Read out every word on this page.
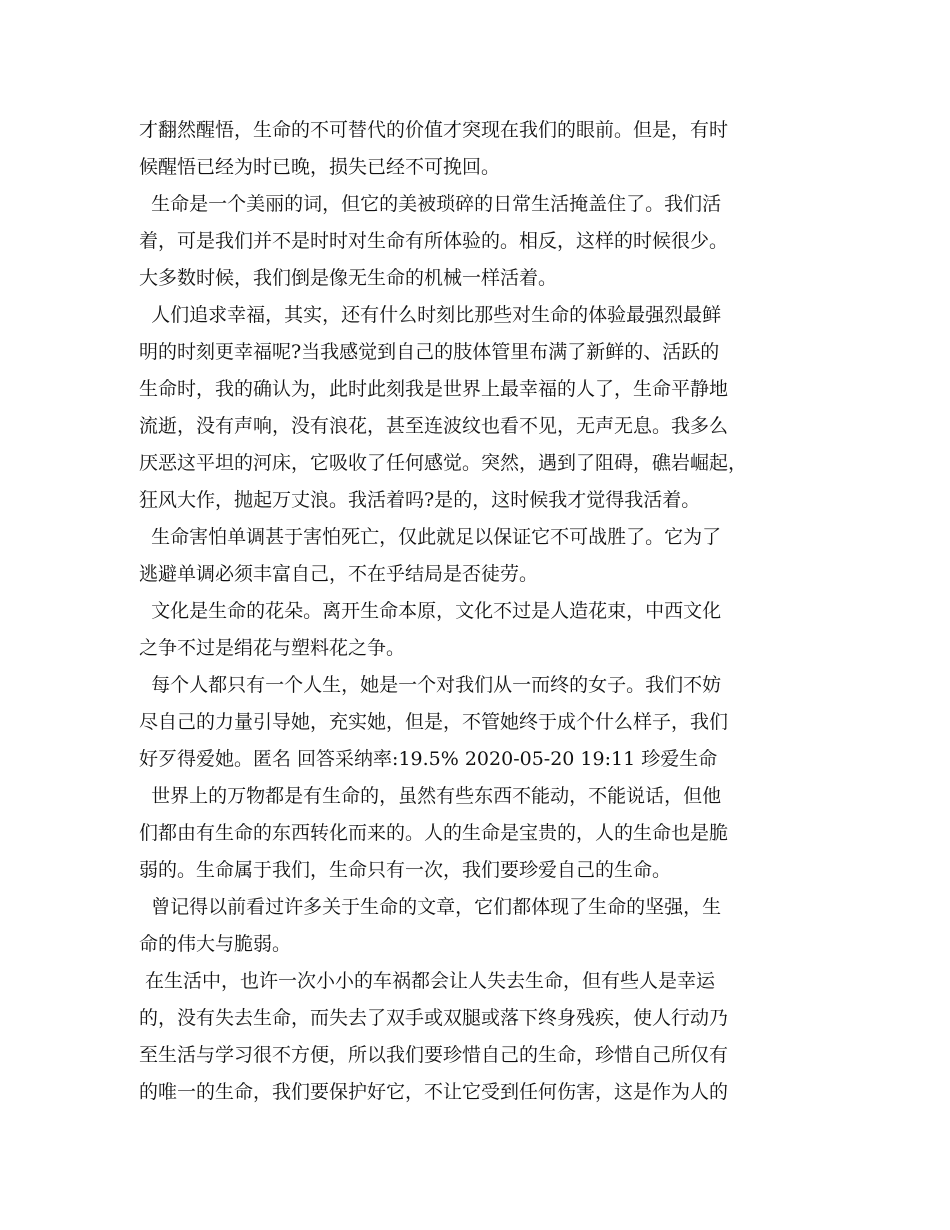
才翻然醒悟，生命的不可替代的价值才突现在我们的眼前。但是，有时
候醒悟已经为时已晚，损失已经不可挽回。
生命是一个美丽的词，但它的美被琐碎的日常生活掩盖住了。我们活
着，可是我们并不是时时对生命有所体验的。相反，这样的时候很少。
大多数时候，我们倒是像无生命的机械一样活着。
人们追求幸福，其实，还有什么时刻比那些对生命的体验最强烈最鲜
明的时刻更幸福呢?当我感觉到自己的肢体管里布满了新鲜的、活跃的
生命时，我的确认为，此时此刻我是世界上最幸福的人了，生命平静地
流逝，没有声响，没有浪花，甚至连波纹也看不见，无声无息。我多么
厌恶这平坦的河床，它吸收了任何感觉。突然，遇到了阻碍，礁岩崛起，
狂风大作，抛起万丈浪。我活着吗?是的，这时候我才觉得我活着。
生命害怕单调甚于害怕死亡，仅此就足以保证它不可战胜了。它为了
逃避单调必须丰富自己，不在乎结局是否徒劳。
文化是生命的花朵。离开生命本原，文化不过是人造花束，中西文化
之争不过是绢花与塑料花之争。
每个人都只有一个人生，她是一个对我们从一而终的女子。我们不妨
尽自己的力量引导她，充实她，但是，不管她终于成个什么样子，我们
好歹得爱她。匿名 回答采纳率:19.5% 2020-05-20 19:11 珍爱生命
世界上的万物都是有生命的，虽然有些东西不能动，不能说话，但他
们都由有生命的东西转化而来的。人的生命是宝贵的，人的生命也是脆
弱的。生命属于我们，生命只有一次，我们要珍爱自己的生命。
曾记得以前看过许多关于生命的文章，它们都体现了生命的坚强，生
命的伟大与脆弱。
在生活中，也许一次小小的车祸都会让人失去生命，但有些人是幸运
的，没有失去生命，而失去了双手或双腿或落下终身残疾，使人行动乃
至生活与学习很不方便，所以我们要珍惜自己的生命，珍惜自己所仅有
的唯一的生命，我们要保护好它，不让它受到任何伤害，这是作为人的
